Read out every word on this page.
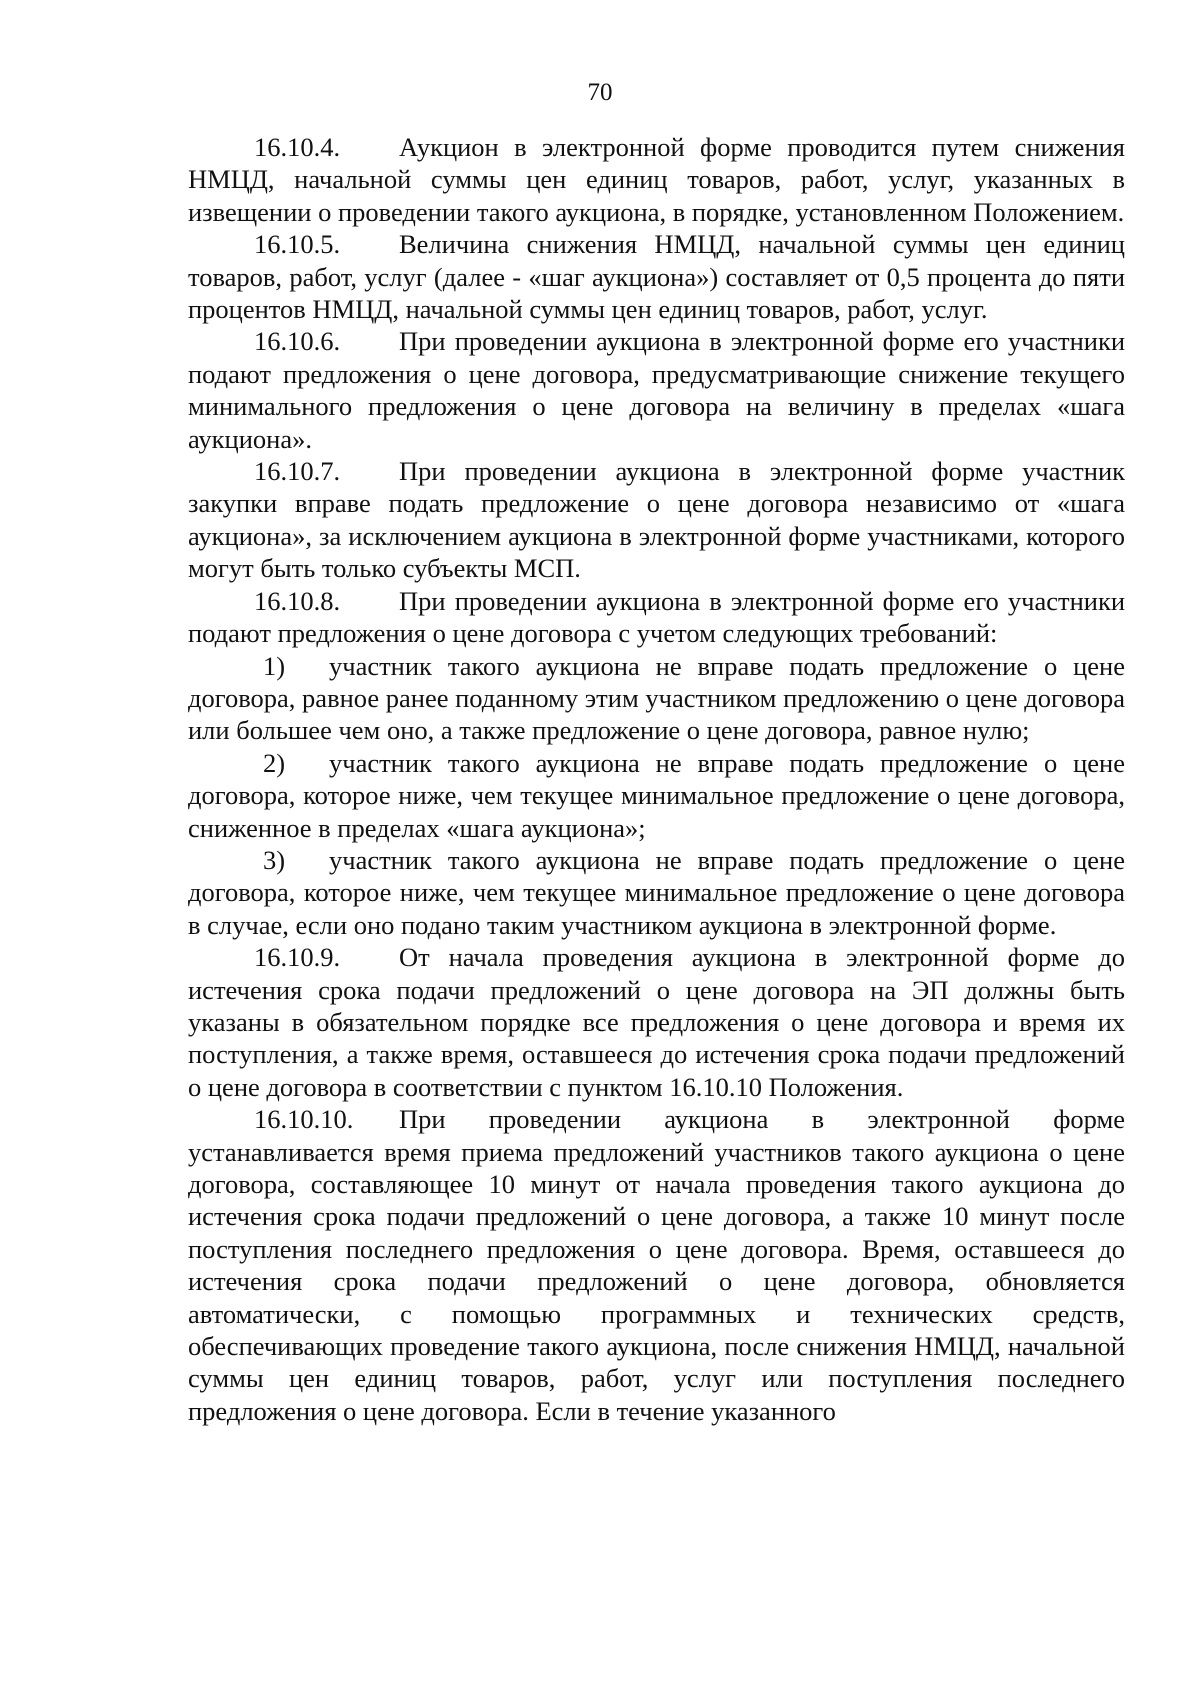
70

16.10.4. Аукцион в электронной форме проводится путем снижения НМЦД, начальной суммы цен единиц товаров, работ, услуг, указанных в извещении о проведении такого аукциона, в порядке, установленном Положением.

16.10.5. Величина снижения НМЦД, начальной суммы цен единиц товаров, работ, услуг (далее - «шаг аукциона») составляет от 0,5 процента до пяти процентов НМЦД, начальной суммы цен единиц товаров, работ, услуг.

16.10.6. При проведении аукциона в электронной форме его участники подают предложения о цене договора, предусматривающие снижение текущего минимального предложения о цене договора на величину в пределах «шага аукциона».

16.10.7. При проведении аукциона в электронной форме участник закупки вправе подать предложение о цене договора независимо от «шага аукциона», за исключением аукциона в электронной форме участниками, которого могут быть только субъекты МСП.

16.10.8. При проведении аукциона в электронной форме его участники подают предложения о цене договора с учетом следующих требований:

1) участник такого аукциона не вправе подать предложение о цене договора, равное ранее поданному этим участником предложению о цене договора или большее чем оно, а также предложение о цене договора, равное нулю;

2) участник такого аукциона не вправе подать предложение о цене договора, которое ниже, чем текущее минимальное предложение о цене договора, сниженное в пределах «шага аукциона»;

3) участник такого аукциона не вправе подать предложение о цене договора, которое ниже, чем текущее минимальное предложение о цене договора в случае, если оно подано таким участником аукциона в электронной форме.

16.10.9. От начала проведения аукциона в электронной форме до истечения срока подачи предложений о цене договора на ЭП должны быть указаны в обязательном порядке все предложения о цене договора и время их поступления, а также время, оставшееся до истечения срока подачи предложений о цене договора в соответствии с пунктом 16.10.10 Положения.

16.10.10. При проведении аукциона в электронной форме устанавливается время приема предложений участников такого аукциона о цене договора, составляющее 10 минут от начала проведения такого аукциона до истечения срока подачи предложений о цене договора, а также 10 минут после поступления последнего предложения о цене договора. Время, оставшееся до истечения срока подачи предложений о цене договора, обновляется автоматически, с помощью программных и технических средств, обеспечивающих проведение такого аукциона, после снижения НМЦД, начальной суммы цен единиц товаров, работ, услуг или поступления последнего предложения о цене договора. Если в течение указанного
